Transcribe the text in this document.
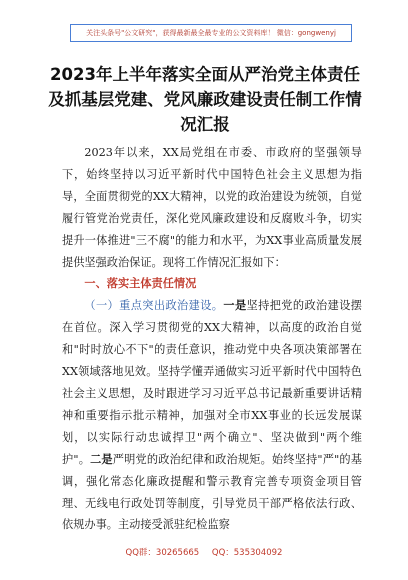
关注头条号"公文研究"，获得最新最全最专业的公文资料库！ 微信：gongwenyj
2023年上半年落实全面从严治党主体责任及抓基层党建、党风廉政建设责任制工作情况汇报

2023年以来，XX局党组在市委、市政府的坚强领导下，始终坚持以习近平新时代中国特色社会主义思想为指导，全面贯彻党的XX大精神，以党的政治建设为统领，自觉履行管党治党责任，深化党风廉政建设和反腐败斗争，切实提升一体推进"三不腐"的能力和水平，为XX事业高质量发展提供坚强政治保证。现将工作情况汇报如下：

一、落实主体责任情况

（一）重点突出政治建设。一是坚持把党的政治建设摆在首位。深入学习贯彻党的XX大精神，以高度的政治自觉和"时时放心不下"的责任意识，推动党中央各项决策部署在XX领域落地见效。坚持学懂弄通做实习近平新时代中国特色社会主义思想，及时跟进学习习近平总书记最新重要讲话精神和重要指示批示精神，加强对全市XX事业的长远发展谋划，以实际行动忠诚捍卫"两个确立"、坚决做到"两个维护"。二是严明党的政治纪律和政治规矩。始终坚持"严"的基调，强化常态化廉政提醒和警示教育完善专项资金项目管理、无线电行政处罚等制度，引导党员干部严格依法行政、依规办事。主动接受派驻纪检监察

QQ群：30265665 QQ：535304092
